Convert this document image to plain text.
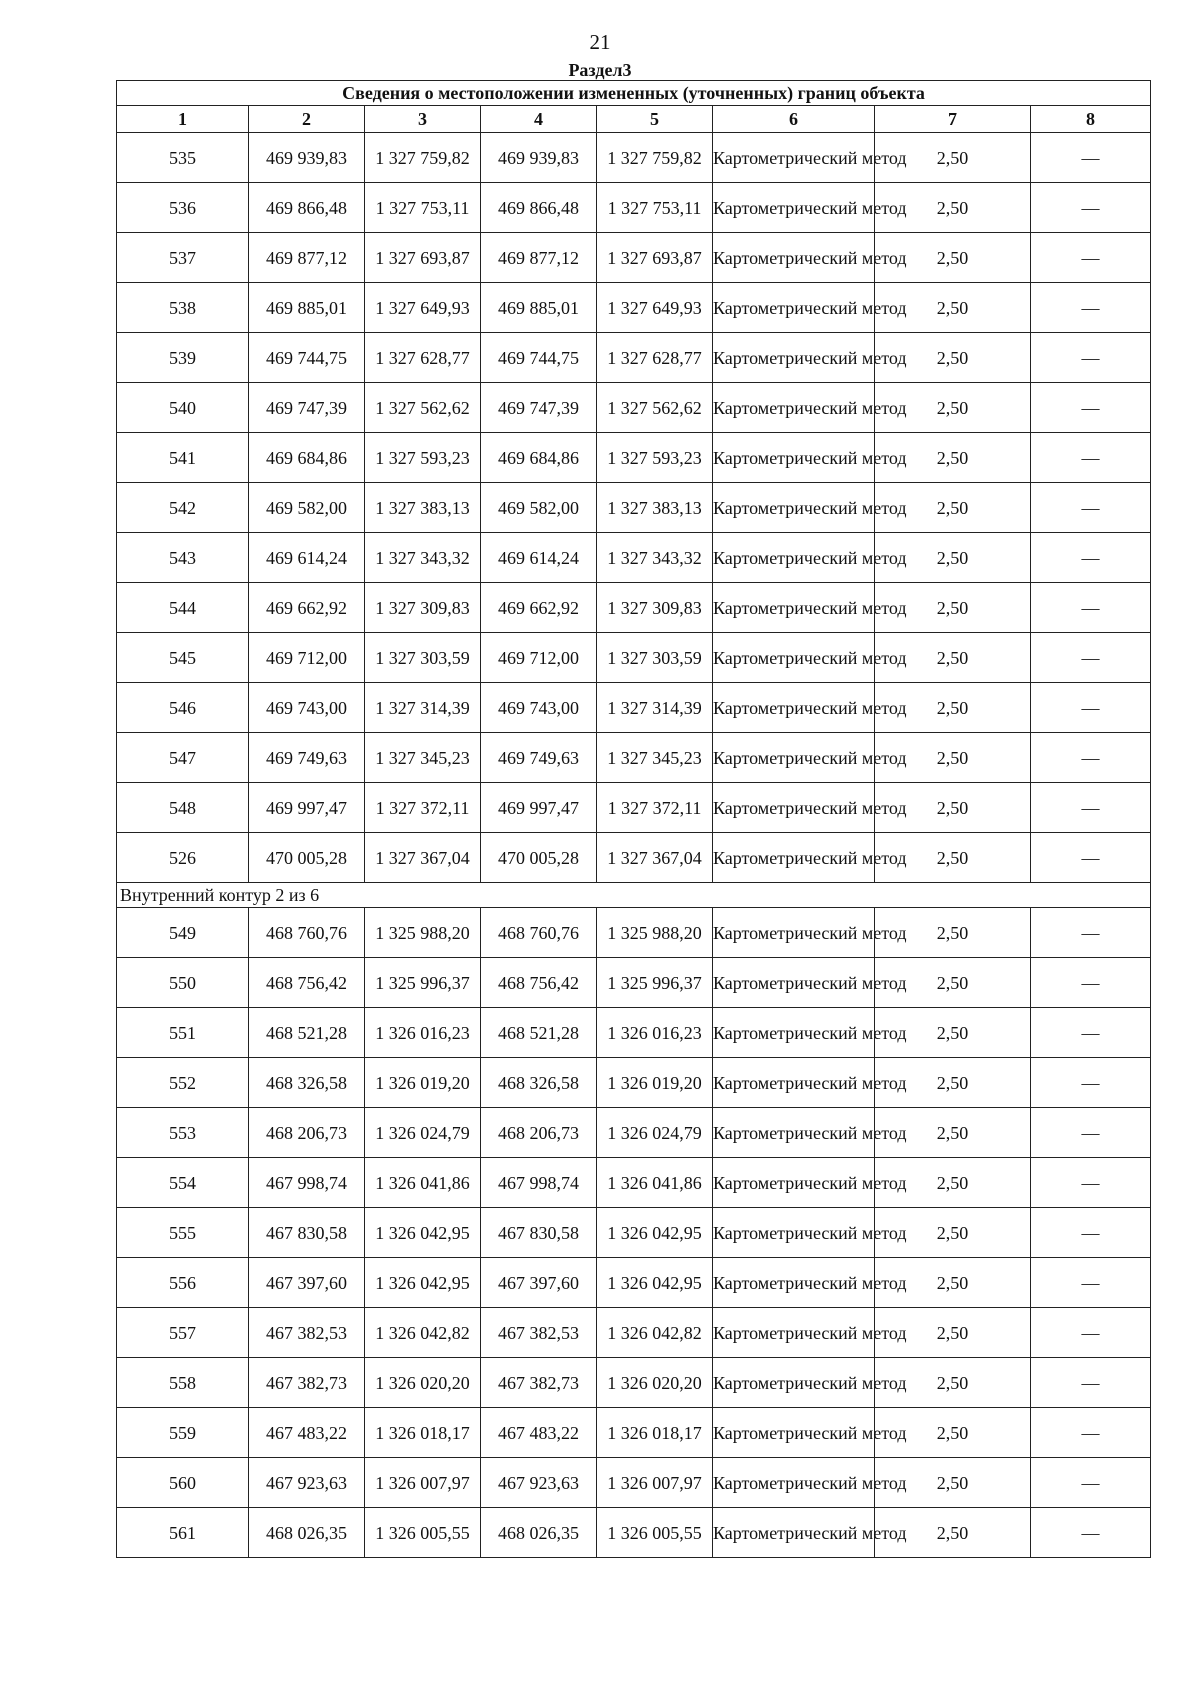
21
Раздел3
Сведения о местоположении измененных (уточненных) границ объекта							
1	2	3	4	5	6	7	8
535	469 939,83	1 327 759,82	469 939,83	1 327 759,82	Картометрический метод	2,50	—
536	469 866,48	1 327 753,11	469 866,48	1 327 753,11	Картометрический метод	2,50	—
537	469 877,12	1 327 693,87	469 877,12	1 327 693,87	Картометрический метод	2,50	—
538	469 885,01	1 327 649,93	469 885,01	1 327 649,93	Картометрический метод	2,50	—
539	469 744,75	1 327 628,77	469 744,75	1 327 628,77	Картометрический метод	2,50	—
540	469 747,39	1 327 562,62	469 747,39	1 327 562,62	Картометрический метод	2,50	—
541	469 684,86	1 327 593,23	469 684,86	1 327 593,23	Картометрический метод	2,50	—
542	469 582,00	1 327 383,13	469 582,00	1 327 383,13	Картометрический метод	2,50	—
543	469 614,24	1 327 343,32	469 614,24	1 327 343,32	Картометрический метод	2,50	—
544	469 662,92	1 327 309,83	469 662,92	1 327 309,83	Картометрический метод	2,50	—
545	469 712,00	1 327 303,59	469 712,00	1 327 303,59	Картометрический метод	2,50	—
546	469 743,00	1 327 314,39	469 743,00	1 327 314,39	Картометрический метод	2,50	—
547	469 749,63	1 327 345,23	469 749,63	1 327 345,23	Картометрический метод	2,50	—
548	469 997,47	1 327 372,11	469 997,47	1 327 372,11	Картометрический метод	2,50	—
526	470 005,28	1 327 367,04	470 005,28	1 327 367,04	Картометрический метод	2,50	—
Внутренний контур 2 из 6							
549	468 760,76	1 325 988,20	468 760,76	1 325 988,20	Картометрический метод	2,50	—
550	468 756,42	1 325 996,37	468 756,42	1 325 996,37	Картометрический метод	2,50	—
551	468 521,28	1 326 016,23	468 521,28	1 326 016,23	Картометрический метод	2,50	—
552	468 326,58	1 326 019,20	468 326,58	1 326 019,20	Картометрический метод	2,50	—
553	468 206,73	1 326 024,79	468 206,73	1 326 024,79	Картометрический метод	2,50	—
554	467 998,74	1 326 041,86	467 998,74	1 326 041,86	Картометрический метод	2,50	—
555	467 830,58	1 326 042,95	467 830,58	1 326 042,95	Картометрический метод	2,50	—
556	467 397,60	1 326 042,95	467 397,60	1 326 042,95	Картометрический метод	2,50	—
557	467 382,53	1 326 042,82	467 382,53	1 326 042,82	Картометрический метод	2,50	—
558	467 382,73	1 326 020,20	467 382,73	1 326 020,20	Картометрический метод	2,50	—
559	467 483,22	1 326 018,17	467 483,22	1 326 018,17	Картометрический метод	2,50	—
560	467 923,63	1 326 007,97	467 923,63	1 326 007,97	Картометрический метод	2,50	—
561	468 026,35	1 326 005,55	468 026,35	1 326 005,55	Картометрический метод	2,50	—
